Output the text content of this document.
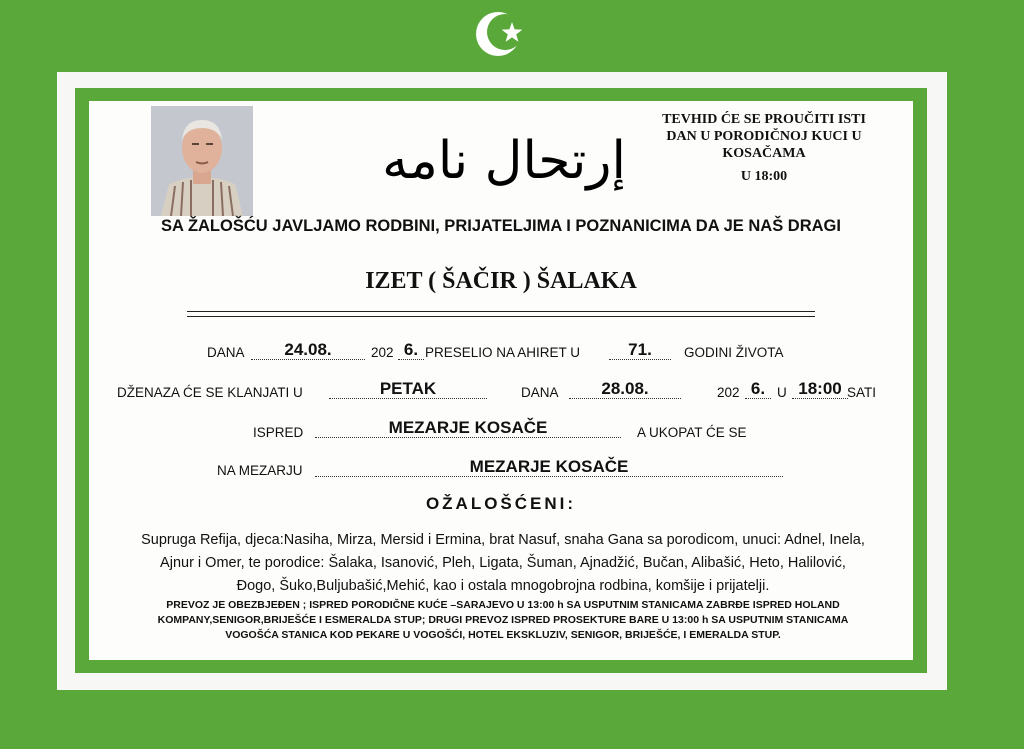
إرتحال نامه
TEVHID ĆE SE PROUČITI ISTI
DAN U PORODIČNOJ KUCI U
KOSAČAMA
U 18:00
SA ŽALOŠĆU JAVLJAMO RODBINI, PRIJATELJIMA I POZNANICIMA DA JE NAŠ DRAGI
IZET ( ŠAČIR ) ŠALAKA
DANA	24.08.	202 6. PRESELIO NA AHIRET U	71.	GODINI ŽIVOTA
DŽENAZA ĆE SE KLANJATI U	PETAK	DANA	28.08.	202 6. U 18:00 SATI
ISPRED	MEZARJE KOSAČE	A UKOPAT ĆE SE
NA MEZARJU	MEZARJE KOSAČE
OŽALOŠĆENI:
Supruga Refija, djeca:Nasiha, Mirza, Mersid i Ermina, brat Nasuf, snaha Gana sa porodicom, unuci: Adnel, Inela,
Ajnur i Omer, te porodice: Šalaka, Isanović, Pleh, Ligata, Šuman, Ajnadžić, Bučan, Alibašić, Heto, Halilović,
Đogo, Šuko,Buljubašić,Mehić, kao i ostala mnogobrojna rodbina, komšije i prijatelji.
PREVOZ JE OBEZBJEĐEN ; ISPRED PORODIČNE KUĆE –SARAJEVO U 13:00 h SA USPUTNIM STANICAMA ZABRĐE ISPRED HOLAND
KOMPANY,SENIGOR,BRIJEŠĆE I ESMERALDA STUP; DRUGI PREVOZ ISPRED PROSEKTURE BARE U 13:00 h SA USPUTNIM STANICAMA
VOGOŠĆA STANICA KOD PEKARE U VOGOŠĆI, HOTEL EKSKLUZIV, SENIGOR, BRIJEŠĆE, I EMERALDA STUP.
